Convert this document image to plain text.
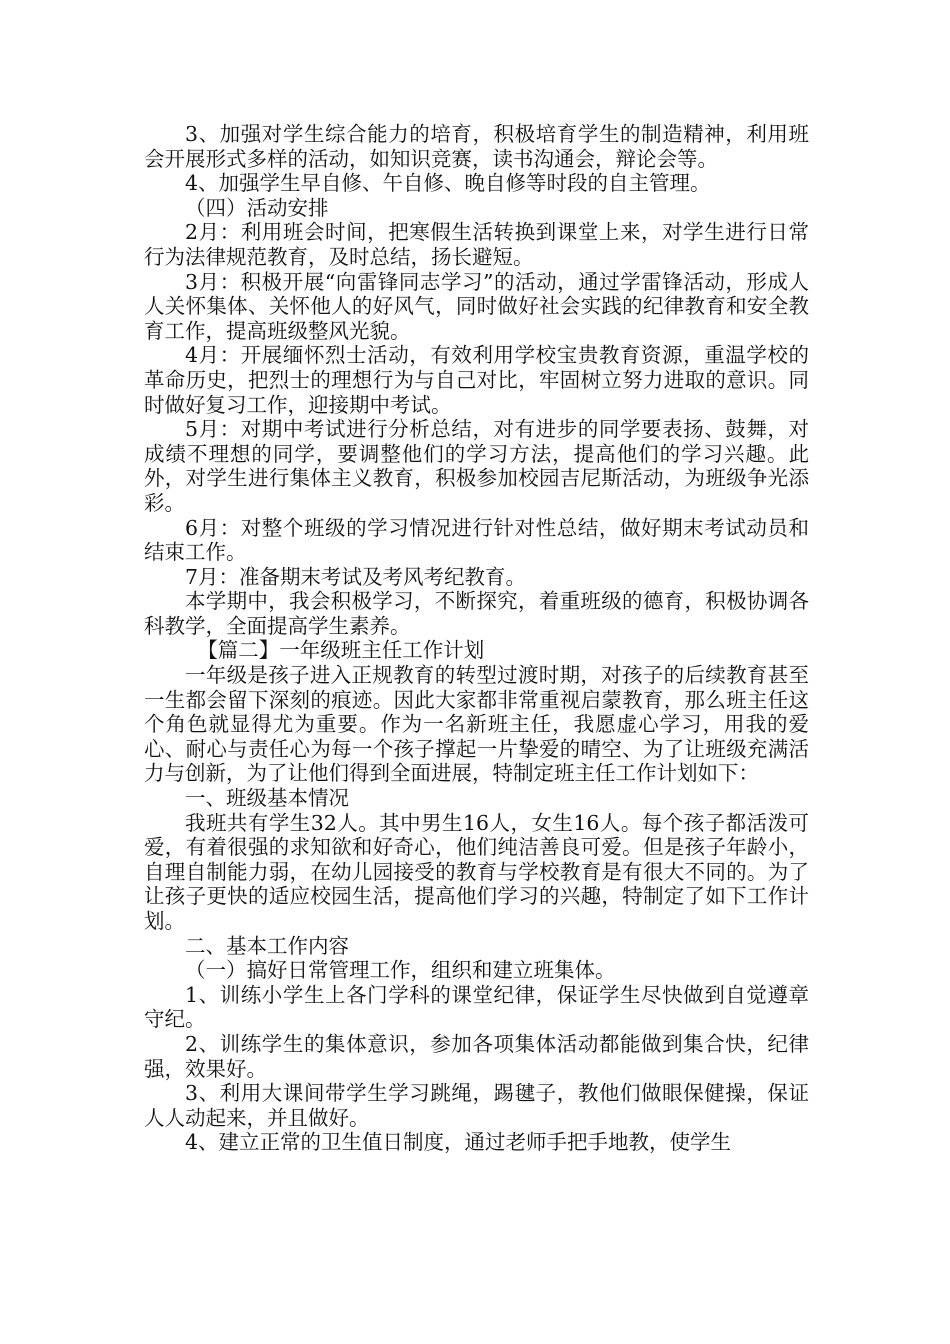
3、加强对学生综合能力的培育，积极培育学生的制造精神，利用班会开展形式多样的活动，如知识竞赛，读书沟通会，辩论会等。

4、加强学生早自修、午自修、晚自修等时段的自主管理。

（四）活动安排

2月：利用班会时间，把寒假生活转换到课堂上来，对学生进行日常行为法律规范教育，及时总结，扬长避短。

3月：积极开展“向雷锋同志学习”的活动，通过学雷锋活动，形成人人关怀集体、关怀他人的好风气，同时做好社会实践的纪律教育和安全教育工作，提高班级整风光貌。

4月：开展缅怀烈士活动，有效利用学校宝贵教育资源，重温学校的革命历史，把烈士的理想行为与自己对比，牢固树立努力进取的意识。同时做好复习工作，迎接期中考试。

5月：对期中考试进行分析总结，对有进步的同学要表扬、鼓舞，对成绩不理想的同学，要调整他们的学习方法，提高他们的学习兴趣。此外，对学生进行集体主义教育，积极参加校园吉尼斯活动，为班级争光添彩。

6月：对整个班级的学习情况进行针对性总结，做好期末考试动员和结束工作。

7月：准备期末考试及考风考纪教育。

本学期中，我会积极学习，不断探究，着重班级的德育，积极协调各科教学，全面提高学生素养。

【篇二】一年级班主任工作计划

一年级是孩子进入正规教育的转型过渡时期，对孩子的后续教育甚至一生都会留下深刻的痕迹。因此大家都非常重视启蒙教育，那么班主任这个角色就显得尤为重要。作为一名新班主任，我愿虚心学习，用我的爱心、耐心与责任心为每一个孩子撑起一片挚爱的晴空、为了让班级充满活力与创新，为了让他们得到全面进展，特制定班主任工作计划如下：

一、班级基本情况

我班共有学生32人。其中男生16人，女生16人。每个孩子都活泼可爱，有着很强的求知欲和好奇心，他们纯洁善良可爱。但是孩子年龄小，自理自制能力弱，在幼儿园接受的教育与学校教育是有很大不同的。为了让孩子更快的适应校园生活，提高他们学习的兴趣，特制定了如下工作计划。

二、基本工作内容

（一）搞好日常管理工作，组织和建立班集体。

1、训练小学生上各门学科的课堂纪律，保证学生尽快做到自觉遵章守纪。

2、训练学生的集体意识，参加各项集体活动都能做到集合快，纪律强，效果好。

3、利用大课间带学生学习跳绳，踢毽子，教他们做眼保健操，保证人人动起来，并且做好。

4、建立正常的卫生值日制度，通过老师手把手地教，使学生
